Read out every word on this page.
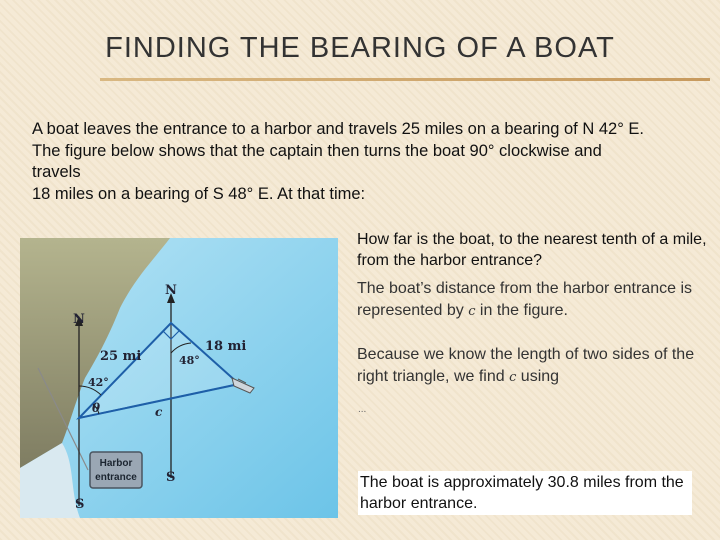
FINDING THE BEARING OF A BOAT
A boat leaves the entrance to a harbor and travels 25 miles on a bearing of N 42° E.
The figure below shows that the captain then turns the boat 90° clockwise and
travels
18 miles on a bearing of S 48° E. At that time:
N
N
S
S
25 mi
18 mi
42°
48°
θ	c
Harbor
entrance
How far is the boat, to the nearest tenth of a mile, from the harbor entrance?

The boat’s distance from the harbor entrance is represented by c in the figure.

Because we know the length of two sides of the right triangle, we find c using

...
The boat is approximately 30.8 miles from the harbor entrance.
